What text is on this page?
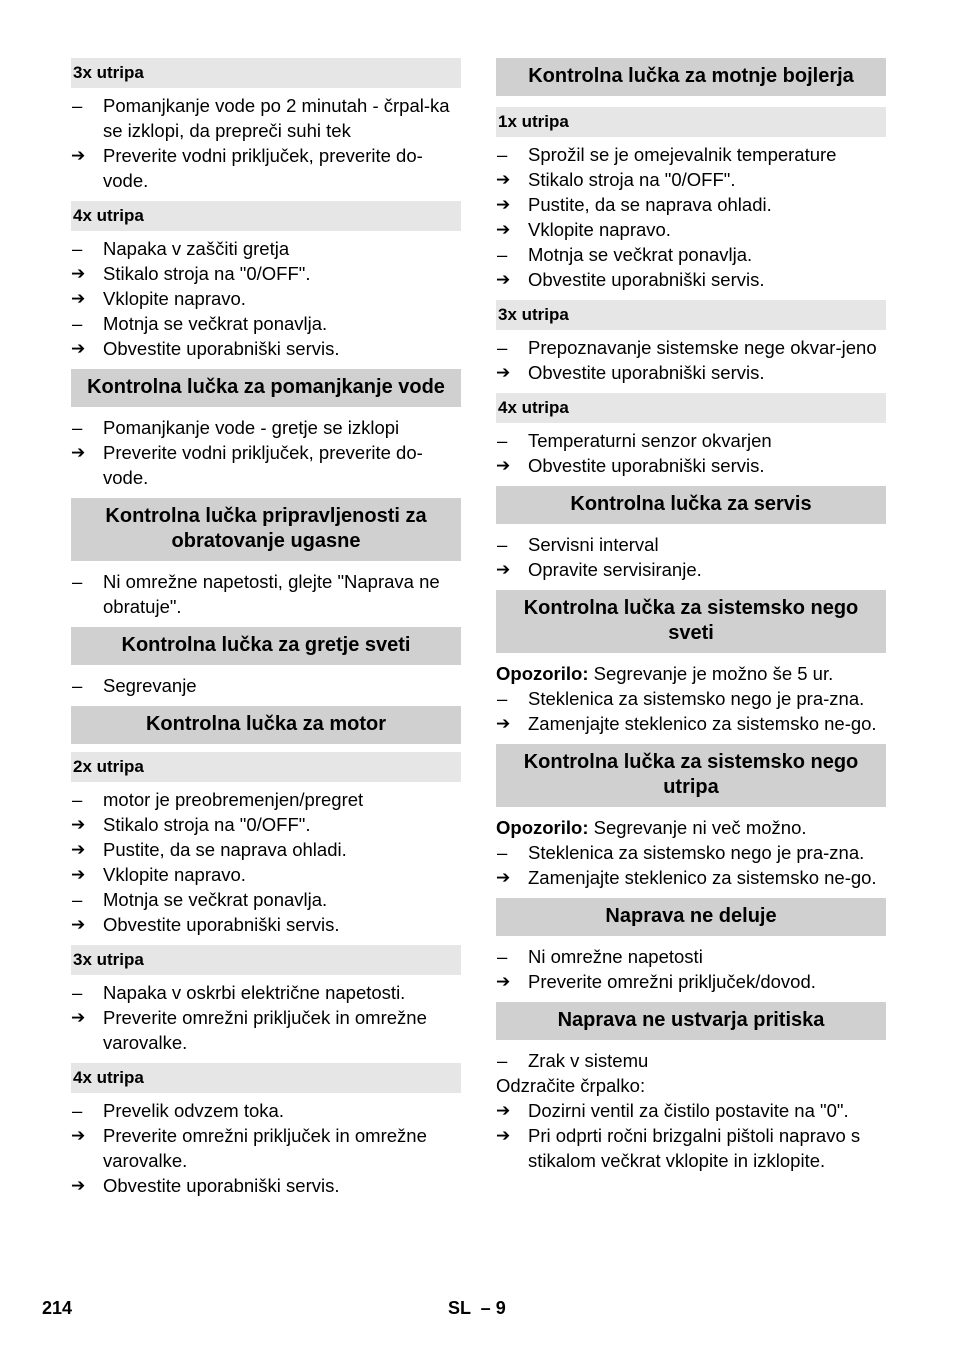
3x utripa
–	Pomanjkanje vode po 2 minutah - črpal-ka se izklopi, da prepreči suhi tek
➔ Preverite vodni priključek, preverite do-vode.
4x utripa
–	Napaka v zaščiti gretja
➔ Stikalo stroja na "0/OFF".
➔ Vklopite napravo.
–	Motnja se večkrat ponavlja.
➔ Obvestite uporabniški servis.
Kontrolna lučka za pomanjkanje vode
–	Pomanjkanje vode - gretje se izklopi
➔ Preverite vodni priključek, preverite do-vode.
Kontrolna lučka pripravljenosti za obratovanje ugasne
–	Ni omrežne napetosti, glejte "Naprava ne obratuje".
Kontrolna lučka za gretje sveti
–	Segrevanje
Kontrolna lučka za motor
2x utripa
–	motor je preobremenjen/pregret
➔ Stikalo stroja na "0/OFF".
➔ Pustite, da se naprava ohladi.
➔ Vklopite napravo.
–	Motnja se večkrat ponavlja.
➔ Obvestite uporabniški servis.
3x utripa
–	Napaka v oskrbi električne napetosti.
➔ Preverite omrežni priključek in omrežne varovalke.
4x utripa
–	Prevelik odvzem toka.
➔ Preverite omrežni priključek in omrežne varovalke.
➔ Obvestite uporabniški servis.
Kontrolna lučka za motnje bojlerja
1x utripa
–	Sprožil se je omejevalnik temperature
➔ Stikalo stroja na "0/OFF".
➔ Pustite, da se naprava ohladi.
➔ Vklopite napravo.
–	Motnja se večkrat ponavlja.
➔ Obvestite uporabniški servis.
3x utripa
–	Prepoznavanje sistemske nege okvar-jeno
➔ Obvestite uporabniški servis.
4x utripa
–	Temperaturni senzor okvarjen
➔ Obvestite uporabniški servis.
Kontrolna lučka za servis
–	Servisni interval
➔ Opravite servisiranje.
Kontrolna lučka za sistemsko nego sveti
Opozorilo: Segrevanje je možno še 5 ur.
–	Steklenica za sistemsko nego je pra-zna.
➔ Zamenjajte steklenico za sistemsko ne-go.
Kontrolna lučka za sistemsko nego utripa
Opozorilo: Segrevanje ni več možno.
–	Steklenica za sistemsko nego je pra-zna.
➔ Zamenjajte steklenico za sistemsko ne-go.
Naprava ne deluje
–	Ni omrežne napetosti
➔ Preverite omrežni priključek/dovod.
Naprava ne ustvarja pritiska
–	Zrak v sistemu
Odzračite črpalko:
➔ Dozirni ventil za čistilo postavite na "0".
➔ Pri odprti ročni brizgalni pištoli napravo s stikalom večkrat vklopite in izklopite.
214	SL  – 9
